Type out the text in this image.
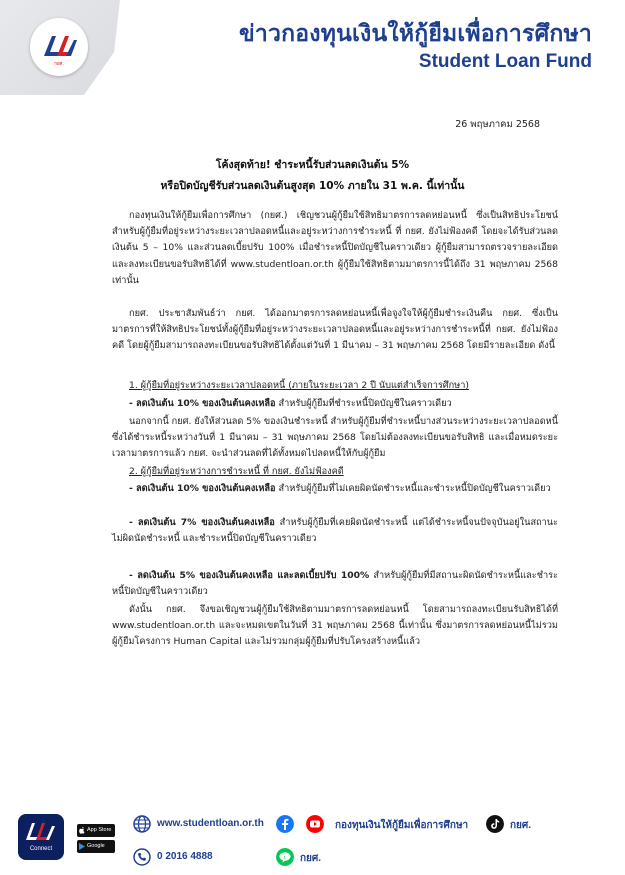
กยศ.
ข่าวกองทุนเงินให้กู้ยืมเพื่อการศึกษา
Student Loan Fund
26 พฤษภาคม 2568
โค้งสุดท้าย! ชำระหนี้รับส่วนลดเงินต้น 5%
หรือปิดบัญชีรับส่วนลดเงินต้นสูงสุด 10% ภายใน 31 พ.ค. นี้เท่านั้น
กองทุนเงินให้กู้ยืมเพื่อการศึกษา (กยศ.) เชิญชวนผู้กู้ยืมใช้สิทธิมาตรการลดหย่อนหนี้ ซึ่งเป็นสิทธิประโยชน์สำหรับผู้กู้ยืมที่อยู่ระหว่างระยะเวลาปลอดหนี้และอยู่ระหว่างการชำระหนี้ ที่ กยศ. ยังไม่ฟ้องคดี โดยจะได้รับส่วนลดเงินต้น 5 – 10% และส่วนลดเบี้ยปรับ 100% เมื่อชำระหนี้ปิดบัญชีในคราวเดียว ผู้กู้ยืมสามารถตรวจรายละเอียดและลงทะเบียนขอรับสิทธิได้ที่ www.studentloan.or.th ผู้กู้ยืมใช้สิทธิตามมาตรการนี้ได้ถึง 31 พฤษภาคม 2568 เท่านั้น
กยศ. ประชาสัมพันธ์ว่า กยศ. ได้ออกมาตรการลดหย่อนหนี้เพื่อจูงใจให้ผู้กู้ยืมชำระเงินคืน กยศ. ซึ่งเป็นมาตรการที่ให้สิทธิประโยชน์ทั้งผู้กู้ยืมที่อยู่ระหว่างระยะเวลาปลอดหนี้และอยู่ระหว่างการชำระหนี้ที่ กยศ. ยังไม่ฟ้องคดี โดยผู้กู้ยืมสามารถลงทะเบียนขอรับสิทธิได้ตั้งแต่วันที่ 1 มีนาคม – 31 พฤษภาคม 2568 โดยมีรายละเอียด ดังนี้
1. ผู้กู้ยืมที่อยู่ระหว่างระยะเวลาปลอดหนี้ (ภายในระยะเวลา 2 ปี นับแต่สำเร็จการศึกษา)
- ลดเงินต้น 10% ของเงินต้นคงเหลือ สำหรับผู้กู้ยืมที่ชำระหนี้ปิดบัญชีในคราวเดียว
นอกจากนี้ กยศ. ยังให้ส่วนลด 5% ของเงินชำระหนี้ สำหรับผู้กู้ยืมที่ชำระหนี้บางส่วนระหว่างระยะเวลาปลอดหนี้ ซึ่งได้ชำระหนี้ระหว่างวันที่ 1 มีนาคม – 31 พฤษภาคม 2568 โดยไม่ต้องลงทะเบียนขอรับสิทธิ และเมื่อหมดระยะเวลามาตรการแล้ว กยศ. จะนำส่วนลดที่ได้ทั้งหมดไปลดหนี้ให้กับผู้กู้ยืม
2. ผู้กู้ยืมที่อยู่ระหว่างการชำระหนี้ ที่ กยศ. ยังไม่ฟ้องคดี
- ลดเงินต้น 10% ของเงินต้นคงเหลือ สำหรับผู้กู้ยืมที่ไม่เคยผิดนัดชำระหนี้และชำระหนี้ปิดบัญชีในคราวเดียว
- ลดเงินต้น 7% ของเงินต้นคงเหลือ สำหรับผู้กู้ยืมที่เคยผิดนัดชำระหนี้ แต่ได้ชำระหนี้จนปัจจุบันอยู่ในสถานะไม่ผิดนัดชำระหนี้ และชำระหนี้ปิดบัญชีในคราวเดียว
- ลดเงินต้น 5% ของเงินต้นคงเหลือ และลดเบี้ยปรับ 100% สำหรับผู้กู้ยืมที่มีสถานะผิดนัดชำระหนี้และชำระหนี้ปิดบัญชีในคราวเดียว
ดังนั้น กยศ. จึงขอเชิญชวนผู้กู้ยืมใช้สิทธิตามมาตรการลดหย่อนหนี้ โดยสามารถลงทะเบียนรับสิทธิได้ที่ www.studentloan.or.th และจะหมดเขตในวันที่ 31 พฤษภาคม 2568 นี้เท่านั้น ซึ่งมาตรการลดหย่อนหนี้ไม่รวมผู้กู้ยืมโครงการ Human Capital และไม่รวมกลุ่มผู้กู้ยืมที่ปรับโครงสร้างหนี้แล้ว
Connect
App Store
Google Play
www.studentloan.or.th	กองทุนเงินให้กู้ยืมเพื่อการศึกษา	กยศ.
0 2016 4888	L กยศ.
